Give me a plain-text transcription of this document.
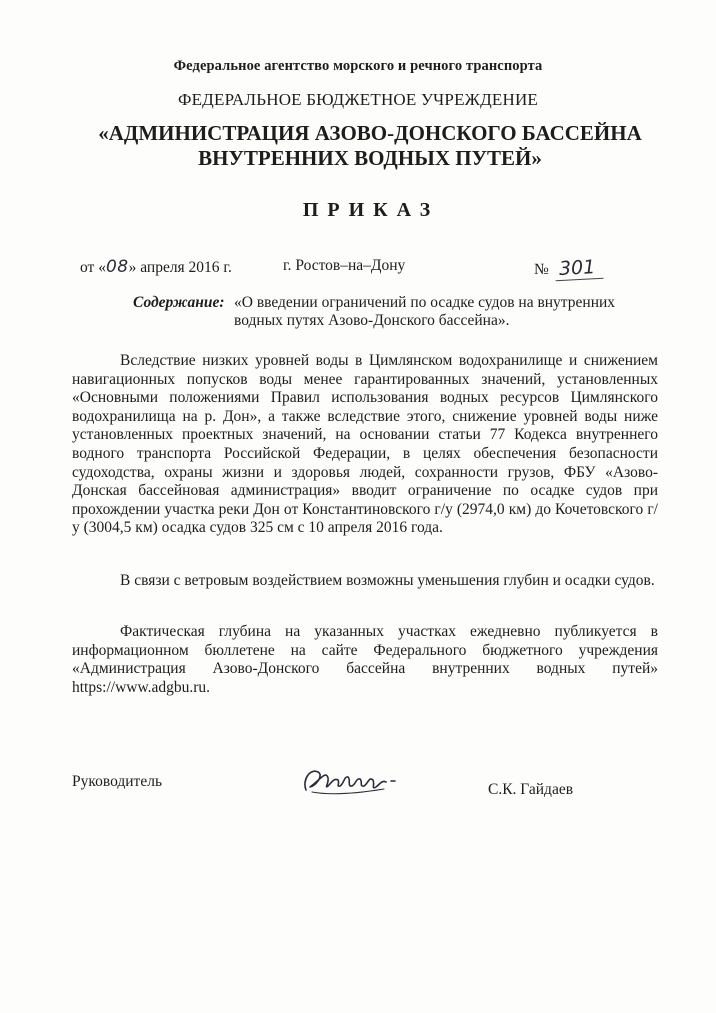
Федеральное агентство морского и речного транспорта
ФЕДЕРАЛЬНОЕ БЮДЖЕТНОЕ УЧРЕЖДЕНИЕ
«АДМИНИСТРАЦИЯ АЗОВО-ДОНСКОГО БАССЕЙНА
ВНУТРЕННИХ ВОДНЫХ ПУТЕЙ»
ПРИКАЗ
от «08» апреля 2016 г.	г. Ростов–на–Дону	№ 301
Содержание: «О введении ограничений по осадке судов на внутренних водных путях Азово-Донского бассейна».

Вследствие низких уровней воды в Цимлянском водохранилище и снижением навигационных попусков воды менее гарантированных значений, установленных «Основными положениями Правил использования водных ресурсов Цимлянского водохранилища на р. Дон», а также вследствие этого, снижение уровней воды ниже установленных проектных значений, на основании статьи 77 Кодекса внутреннего водного транспорта Российской Федерации, в целях обеспечения безопасности судоходства, охраны жизни и здоровья людей, сохранности грузов, ФБУ «Азово-Донская бассейновая администрация» вводит ограничение по осадке судов при прохождении участка реки Дон от Константиновского г/у (2974,0 км) до Кочетовского г/у (3004,5 км) осадка судов 325 см с 10 апреля 2016 года.

В связи с ветровым воздействием возможны уменьшения глубин и осадки судов.

Фактическая глубина на указанных участках ежедневно публикуется в информационном бюллетене на сайте Федерального бюджетного учреждения «Администрация Азово-Донского бассейна внутренних водных путей» https://www.adgbu.ru.

Руководитель	С.К. Гайдаев
